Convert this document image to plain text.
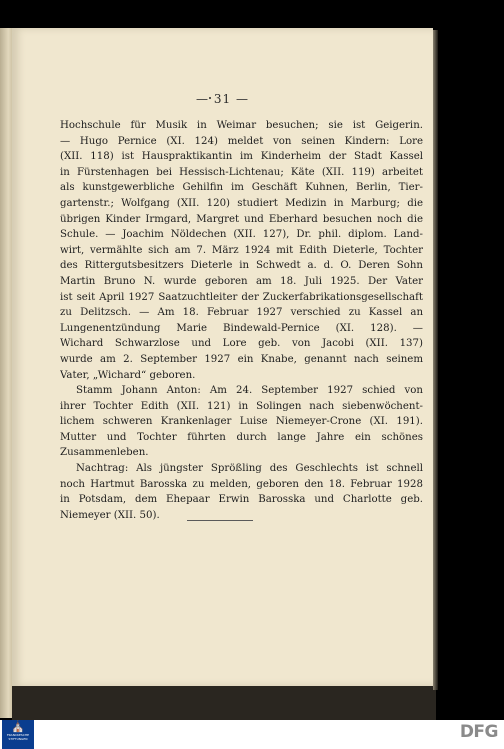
— 31 —

Hochschule für Musik in Weimar besuchen; sie ist Geigerin.
— Hugo Pernice (XI. 124) meldet von seinen Kindern: Lore
(XII. 118) ist Hauspraktikantin im Kinderheim der Stadt Kassel
in Fürstenhagen bei Hessisch-Lichtenau; Käte (XII. 119) arbeitet
als kunstgewerbliche Gehilfin im Geschäft Kuhnen, Berlin, Tier-
gartenstr.; Wolfgang (XII. 120) studiert Medizin in Marburg; die
übrigen Kinder Irmgard, Margret und Eberhard besuchen noch die
Schule. — Joachim Nöldechen (XII. 127), Dr. phil. diplom. Land-
wirt, vermählte sich am 7. März 1924 mit Edith Dieterle, Tochter
des Rittergutsbesitzers Dieterle in Schwedt a. d. O. Deren Sohn
Martin Bruno N. wurde geboren am 18. Juli 1925. Der Vater
ist seit April 1927 Saatzuchtleiter der Zuckerfabrikationsgesellschaft
zu Delitzsch. — Am 18. Februar 1927 verschied zu Kassel an
Lungenentzündung Marie Bindewald-Pernice (XI. 128). —
Wichard Schwarzlose und Lore geb. von Jacobi (XII. 137)
wurde am 2. September 1927 ein Knabe, genannt nach seinem
Vater, „Wichard“ geboren.

Stamm Johann Anton: Am 24. September 1927 schied von
ihrer Tochter Edith (XII. 121) in Solingen nach siebenwöchent-
lichem schweren Krankenlager Luise Niemeyer-Crone (XI. 191).
Mutter und Tochter führten durch lange Jahre ein schönes
Zusammenleben.

Nachtrag: Als jüngster Sprößling des Geschlechts ist schnell
noch Hartmut Barosska zu melden, geboren den 18. Februar 1928
in Potsdam, dem Ehepaar Erwin Barosska und Charlotte geb.
Niemeyer (XII. 50).

⛪
FRANCKESCHE STIFTUNGEN	DFG
